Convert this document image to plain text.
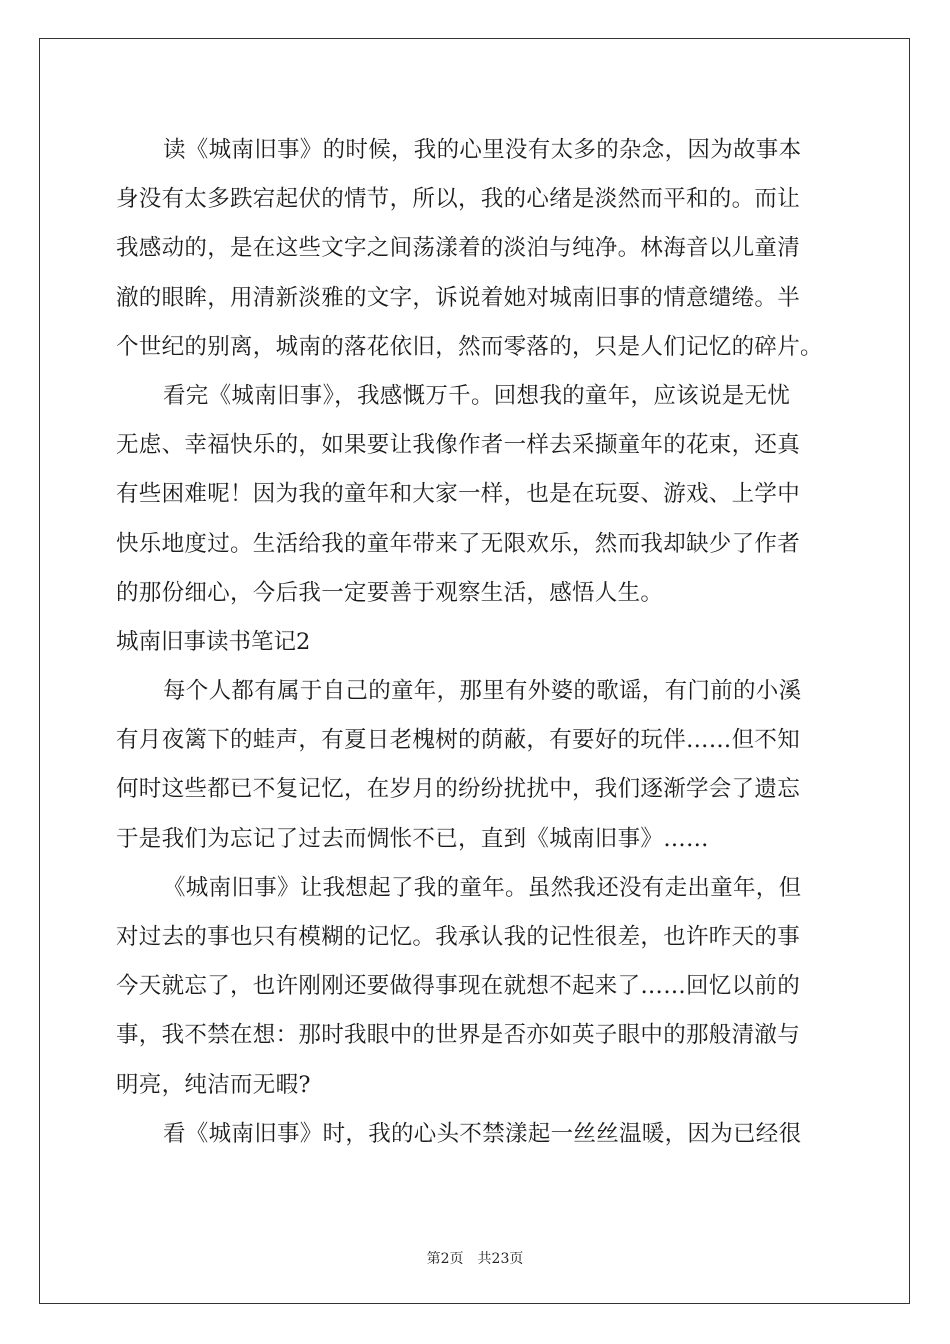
读《城南旧事》的时候，我的心里没有太多的杂念，因为故事本
身没有太多跌宕起伏的情节，所以，我的心绪是淡然而平和的。而让
我感动的，是在这些文字之间荡漾着的淡泊与纯净。林海音以儿童清
澈的眼眸，用清新淡雅的文字，诉说着她对城南旧事的情意缱绻。半
个世纪的别离，城南的落花依旧，然而零落的，只是人们记忆的碎片。
看完《城南旧事》，我感慨万千。回想我的童年，应该说是无忧
无虑、幸福快乐的，如果要让我像作者一样去采撷童年的花束，还真
有些困难呢！因为我的童年和大家一样，也是在玩耍、游戏、上学中
快乐地度过。生活给我的童年带来了无限欢乐，然而我却缺少了作者
的那份细心，今后我一定要善于观察生活，感悟人生。
城南旧事读书笔记2
每个人都有属于自己的童年，那里有外婆的歌谣，有门前的小溪
有月夜篱下的蛙声，有夏日老槐树的荫蔽，有要好的玩伴……但不知
何时这些都已不复记忆，在岁月的纷纷扰扰中，我们逐渐学会了遗忘
于是我们为忘记了过去而惆怅不已，直到《城南旧事》……
《城南旧事》让我想起了我的童年。虽然我还没有走出童年，但
对过去的事也只有模糊的记忆。我承认我的记性很差，也许昨天的事
今天就忘了，也许刚刚还要做得事现在就想不起来了……回忆以前的
事，我不禁在想：那时我眼中的世界是否亦如英子眼中的那般清澈与
明亮，纯洁而无暇?
看《城南旧事》时，我的心头不禁漾起一丝丝温暖，因为已经很
第2页 共23页
